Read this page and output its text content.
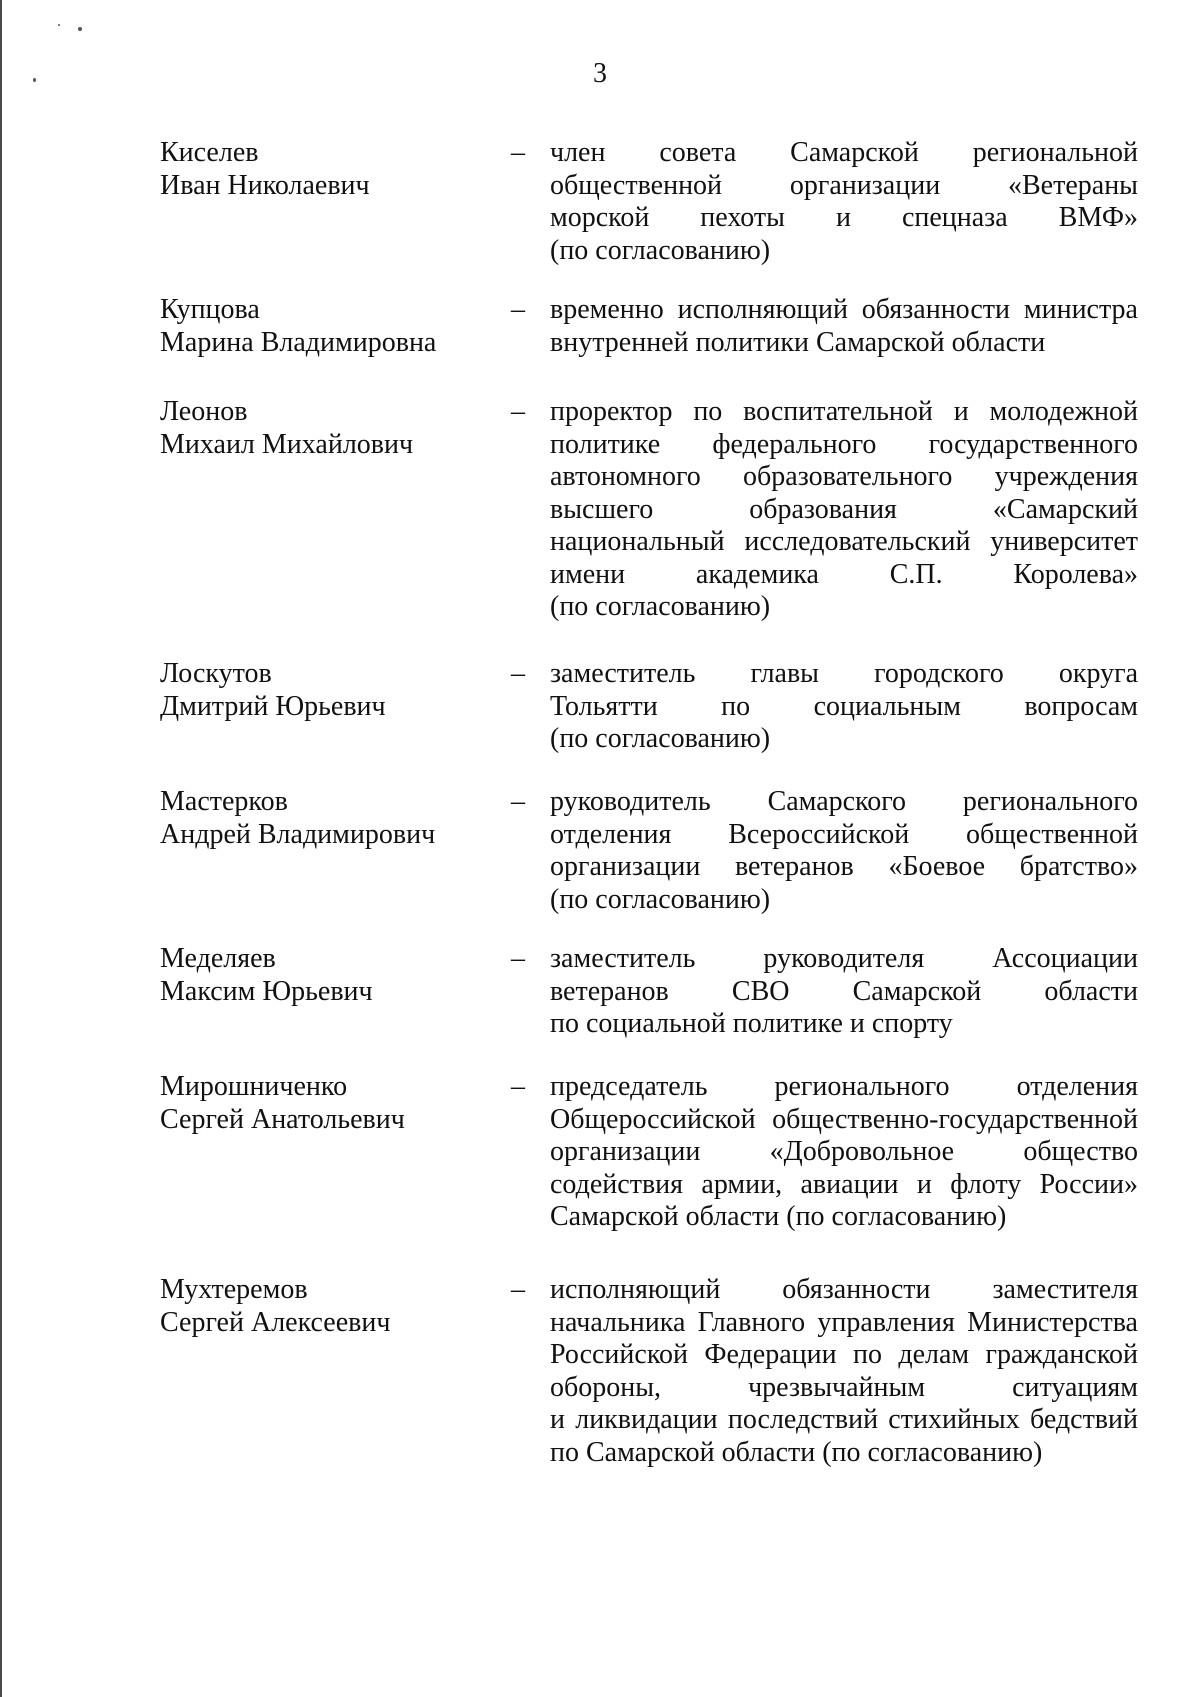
3
Киселев
Иван Николаевич
– член совета Самарской региональной
общественной организации «Ветераны
морской пехоты и спецназа ВМФ»
(по согласованию)
Купцова
Марина Владимировна
– временно исполняющий обязанности министра
внутренней политики Самарской области
Леонов
Михаил Михайлович
– проректор по воспитательной и молодежной
политике федерального государственного
автономного образовательного учреждения
высшего образования «Самарский
национальный исследовательский университет
имени академика С.П. Королева»
(по согласованию)
Лоскутов
Дмитрий Юрьевич
– заместитель главы городского округа
Тольятти по социальным вопросам
(по согласованию)
Мастерков
Андрей Владимирович
– руководитель Самарского регионального
отделения Всероссийской общественной
организации ветеранов «Боевое братство»
(по согласованию)
Меделяев
Максим Юрьевич
– заместитель руководителя Ассоциации
ветеранов СВО Самарской области
по социальной политике и спорту
Мирошниченко
Сергей Анатольевич
– председатель регионального отделения
Общероссийской общественно-государственной
организации «Добровольное общество
содействия армии, авиации и флоту России»
Самарской области (по согласованию)
Мухтеремов
Сергей Алексеевич
– исполняющий обязанности заместителя
начальника Главного управления Министерства
Российской Федерации по делам гражданской
обороны, чрезвычайным ситуациям
и ликвидации последствий стихийных бедствий
по Самарской области (по согласованию)
